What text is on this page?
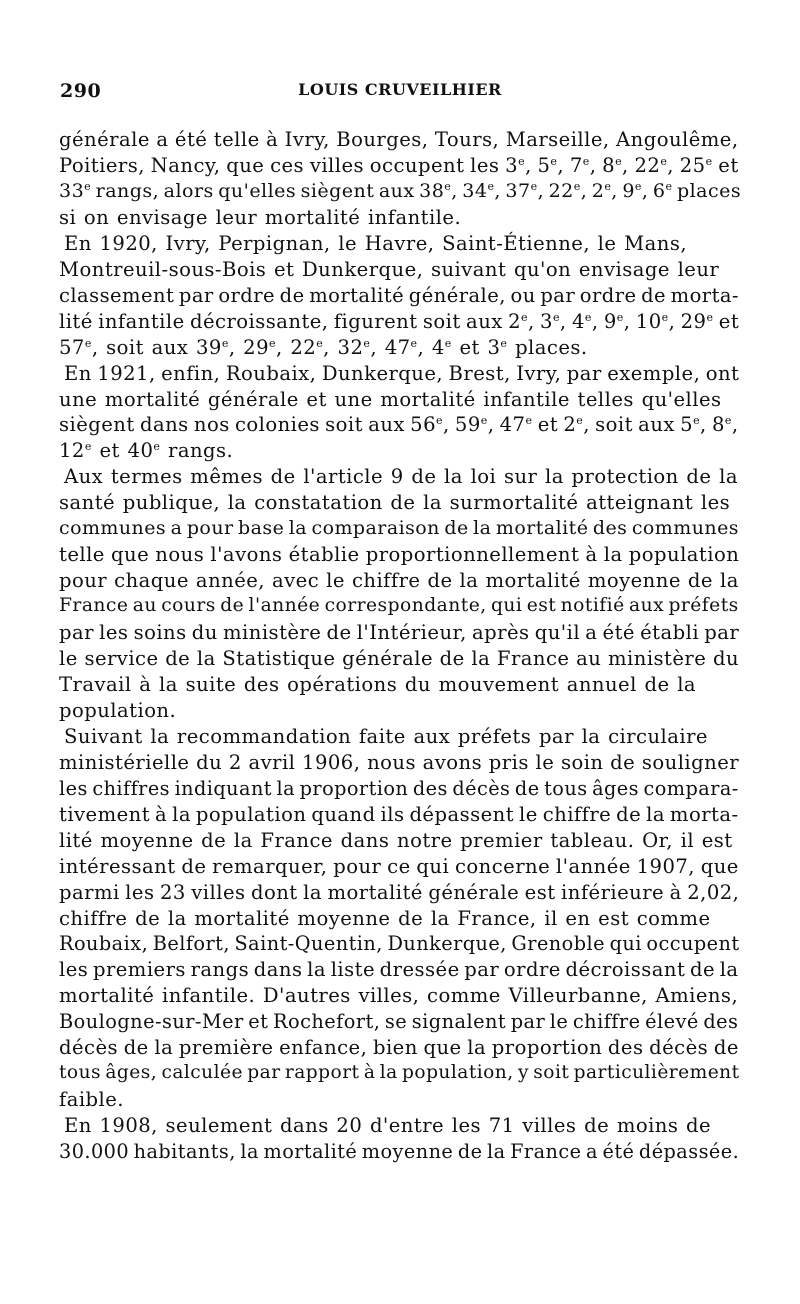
290	LOUIS CRUVEILHIER
générale a été telle à Ivry, Bourges, Tours, Marseille, Angoulême,
Poitiers, Nancy, que ces villes occupent les 3e, 5e, 7e, 8e, 22e, 25e et
33e rangs, alors qu'elles siègent aux 38e, 34e, 37e, 22e, 2e, 9e, 6e places
si on envisage leur mortalité infantile.
En 1920, Ivry, Perpignan, le Havre, Saint-Étienne, le Mans,
Montreuil-sous-Bois et Dunkerque, suivant qu'on envisage leur
classement par ordre de mortalité générale, ou par ordre de morta-
lité infantile décroissante, figurent soit aux 2e, 3e, 4e, 9e, 10e, 29e et
57e, soit aux 39e, 29e, 22e, 32e, 47e, 4e et 3e places.
En 1921, enfin, Roubaix, Dunkerque, Brest, Ivry, par exemple, ont
une mortalité générale et une mortalité infantile telles qu'elles
siègent dans nos colonies soit aux 56e, 59e, 47e et 2e, soit aux 5e, 8e,
12e et 40e rangs.
Aux termes mêmes de l'article 9 de la loi sur la protection de la
santé publique, la constatation de la surmortalité atteignant les
communes a pour base la comparaison de la mortalité des communes
telle que nous l'avons établie proportionnellement à la population
pour chaque année, avec le chiffre de la mortalité moyenne de la
France au cours de l'année correspondante, qui est notifié aux préfets
par les soins du ministère de l'Intérieur, après qu'il a été établi par
le service de la Statistique générale de la France au ministère du
Travail à la suite des opérations du mouvement annuel de la
population.
Suivant la recommandation faite aux préfets par la circulaire
ministérielle du 2 avril 1906, nous avons pris le soin de souligner
les chiffres indiquant la proportion des décès de tous âges compara-
tivement à la population quand ils dépassent le chiffre de la morta-
lité moyenne de la France dans notre premier tableau. Or, il est
intéressant de remarquer, pour ce qui concerne l'année 1907, que
parmi les 23 villes dont la mortalité générale est inférieure à 2,02,
chiffre de la mortalité moyenne de la France, il en est comme
Roubaix, Belfort, Saint-Quentin, Dunkerque, Grenoble qui occupent
les premiers rangs dans la liste dressée par ordre décroissant de la
mortalité infantile. D'autres villes, comme Villeurbanne, Amiens,
Boulogne-sur-Mer et Rochefort, se signalent par le chiffre élevé des
décès de la première enfance, bien que la proportion des décès de
tous âges, calculée par rapport à la population, y soit particulièrement
faible.
En 1908, seulement dans 20 d'entre les 71 villes de moins de
30.000 habitants, la mortalité moyenne de la France a été dépassée.
